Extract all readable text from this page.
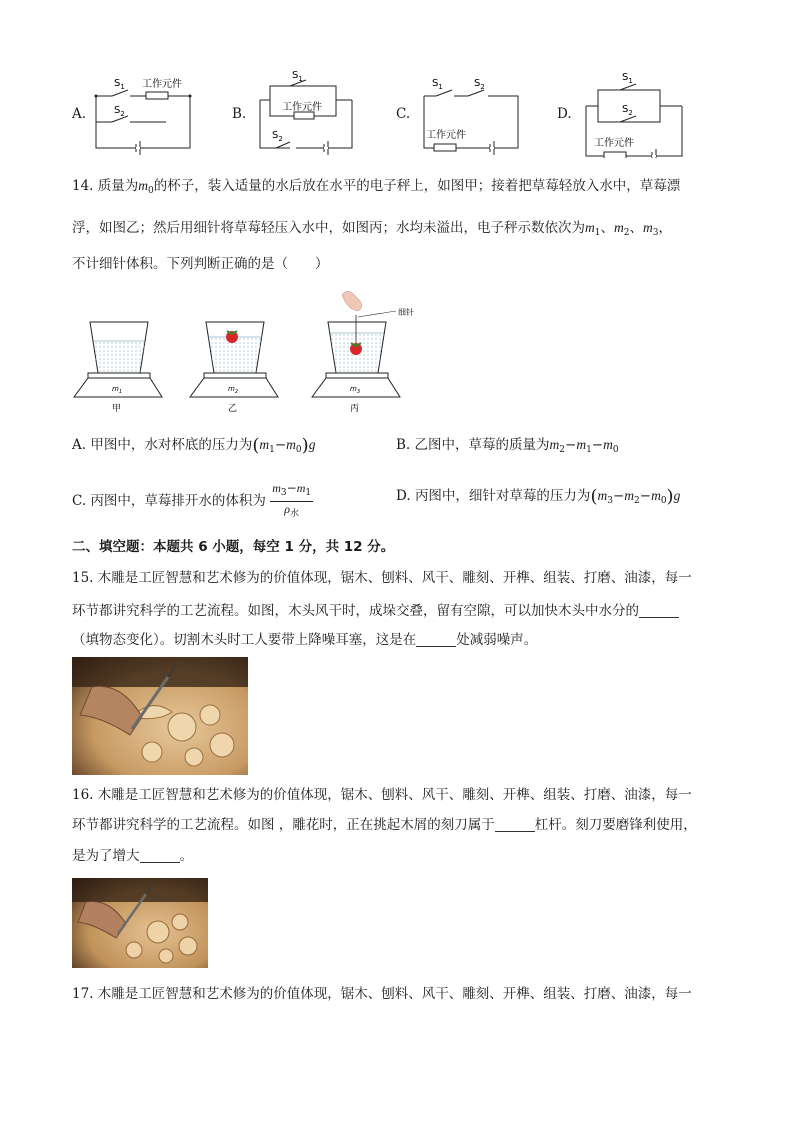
A.
$S_1$
$S_2$
工作元件
B.
$S_1$
工作元件
$S_2$
C.
$S_1$	$S_2$
工作元件
D.
$S_1$
$S_2$
工作元件
14. 质量为$m_0$的杯子，装入适量的水后放在水平的电子秤上，如图甲；接着把草莓轻放入水中，草莓漂
浮，如图乙；然后用细针将草莓轻压入水中，如图丙；水均未溢出，电子秤示数依次为$m_1$、$m_2$、$m_3$，
不计细针体积。下列判断正确的是（　　）
$m_1$
甲
$m_2$
乙
细针
$m_3$
丙
A. 甲图中，水对杯底的压力为$(m_1-m_0)g$	B. 乙图中，草莓的质量为$m_2-m_1-m_0$
C. 丙图中，草莓排开水的体积为 $\frac{m_3-m_1}{\rho_水}$	D. 丙图中，细针对草莓的压力为$(m_3-m_2-m_0)g$
二、填空题：本题共 6 小题，每空 1 分，共 12 分。
15. 木雕是工匠智慧和艺术修为的价值体现，锯木、刨料、风干、雕刻、开榫、组装、打磨、油漆，每一
环节都讲究科学的工艺流程。如图，木头风干时，成垛交叠，留有空隙，可以加快木头中水分的
（填物态变化）。切割木头时工人要带上降噪耳塞，这是在	处减弱噪声。
16. 木雕是工匠智慧和艺术修为的价值体现，锯木、刨料、风干、雕刻、开榫、组装、打磨、油漆，每一
环节都讲究科学的工艺流程。如图 ，雕花时，正在挑起木屑的刻刀属于	杠杆。刻刀要磨锋利使用，
是为了增大	。
17. 木雕是工匠智慧和艺术修为的价值体现，锯木、刨料、风干、雕刻、开榫、组装、打磨、油漆，每一
